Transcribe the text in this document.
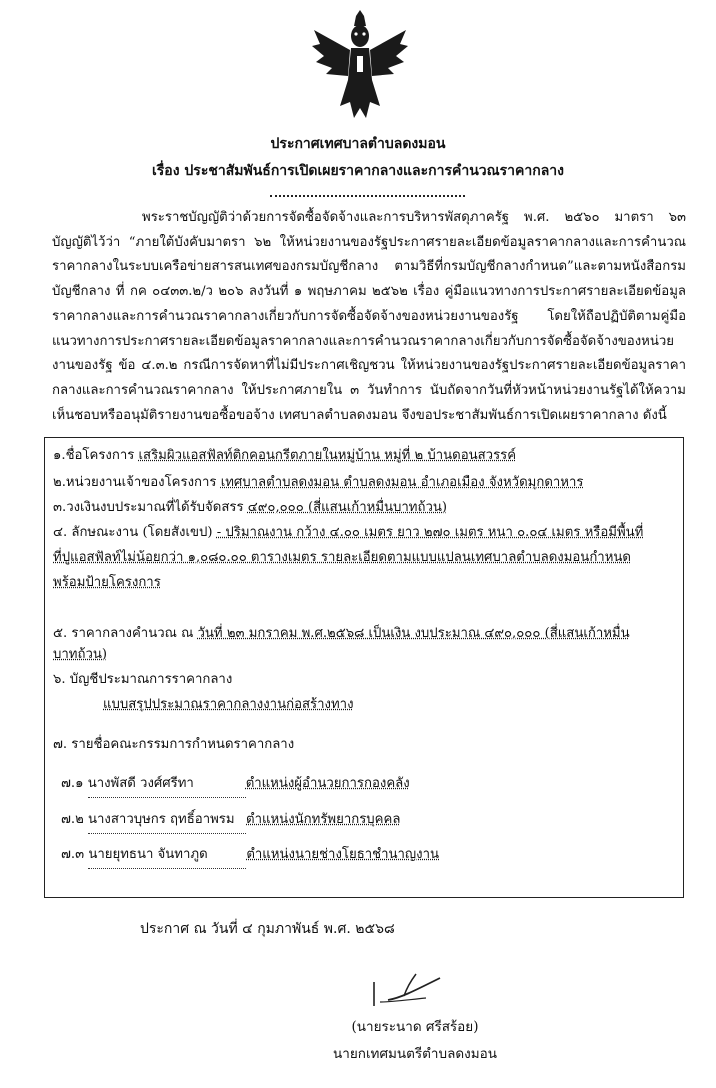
ประกาศเทศบาลตำบลดงมอน
เรื่อง ประชาสัมพันธ์การเปิดเผยราคากลางและการคำนวณราคากลาง
พระราชบัญญัติว่าด้วยการจัดซื้อจัดจ้างและการบริหารพัสดุภาครัฐ พ.ศ. ๒๕๖๐ มาตรา ๖๓ บัญญัติไว้ว่า “ภายใต้บังคับมาตรา ๖๒ ให้หน่วยงานของรัฐประกาศรายละเอียดข้อมูลราคากลางและการคำนวณราคากลางในระบบเครือข่ายสารสนเทศของกรมบัญชีกลาง ตามวิธีที่กรมบัญชีกลางกำหนด”และตามหนังสือกรมบัญชีกลาง ที่ กค ๐๔๓๓.๒/ว ๒๐๖ ลงวันที่ ๑ พฤษภาคม ๒๕๖๒ เรื่อง คู่มือแนวทางการประกาศรายละเอียดข้อมูลราคากลางและการคำนวณราคากลางเกี่ยวกับการจัดซื้อจัดจ้างของหน่วยงานของรัฐ โดยให้ถือปฏิบัติตามคู่มือแนวทางการประกาศรายละเอียดข้อมูลราคากลางและการคำนวณราคากลางเกี่ยวกับการจัดซื้อจัดจ้างของหน่วยงานของรัฐ ข้อ ๔.๓.๒ กรณีการจัดหาที่ไม่มีประกาศเชิญชวน ให้หน่วยงานของรัฐประกาศรายละเอียดข้อมูลราคากลางและการคำนวณราคากลาง ให้ประกาศภายใน ๓ วันทำการ นับถัดจากวันที่หัวหน้าหน่วยงานรัฐได้ให้ความเห็นชอบหรืออนุมัติรายงานขอซื้อขอจ้าง เทศบาลตำบลดงมอน จึงขอประชาสัมพันธ์การเปิดเผยราคากลาง ดังนี้
๑.ชื่อโครงการ เสริมผิวแอสฟัลท์ติกคอนกรีตภายในหมู่บ้าน หมู่ที่ ๒ บ้านดอนสวรรค์
๒.หน่วยงานเจ้าของโครงการ เทศบาลตำบลดงมอน ตำบลดงมอน อำเภอเมือง จังหวัดมุกดาหาร
๓.วงเงินงบประมาณที่ได้รับจัดสรร ๔๙๐,๐๐๐ (สี่แสนเก้าหมื่นบาทถ้วน)
๔. ลักษณะงาน (โดยสังเขป) - ปริมาณงาน กว้าง ๔.๐๐ เมตร ยาว ๒๗๐ เมตร หนา ๐.๐๔ เมตร หรือมีพื้นที่
ที่ปูแอสฟัลท์ไม่น้อยกว่า ๑,๐๘๐.๐๐ ตารางเมตร รายละเอียดตามแบบแปลนเทศบาลตำบลดงมอนกำหนด
พร้อมป้ายโครงการ
๕. ราคากลางคำนวณ ณ วันที่ ๒๓ มกราคม พ.ศ.๒๕๖๘ เป็นเงิน งบประมาณ ๔๙๐,๐๐๐ (สี่แสนเก้าหมื่น
บาทถ้วน)
๖. บัญชีประมาณการราคากลาง
แบบสรุปประมาณราคากลางงานก่อสร้างทาง
๗. รายชื่อคณะกรรมการกำหนดราคากลาง
๗.๑ นางพัสดี วงศ์ศรีทา	ตำแหน่งผู้อำนวยการกองคลัง
๗.๒ นางสาวบุษกร ฤทธิ์อาพรม ตำแหน่งนักทรัพยากรบุคคล
๗.๓ นายยุทธนา จันทาภูด	ตำแหน่งนายช่างโยธาชำนาญงาน
ประกาศ ณ วันที่ ๔ กุมภาพันธ์ พ.ศ. ๒๕๖๘
(นายระนาด ศรีสร้อย)
นายกเทศมนตรีตำบลดงมอน
